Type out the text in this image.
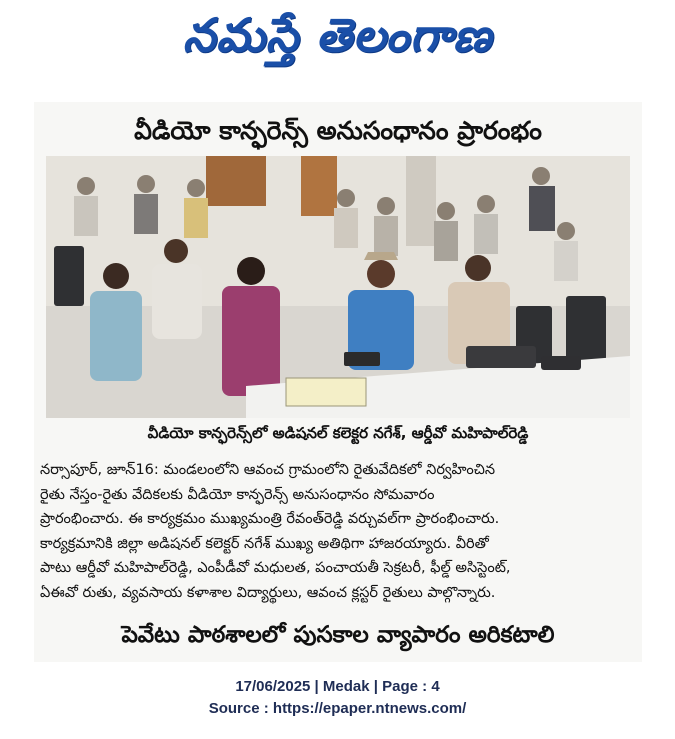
నమస్తే తెలంగాణ
వీడియో కాన్ఫరెన్స్ అనుసంధానం ప్రారంభం
వీడియో కాన్ఫరెన్స్‌లో అడిషనల్ కలెక్టర నగేశ్, ఆర్డీవో మహిపాల్‌రెడ్డి
నర్సాపూర్, జూన్16: మండలంలోని ఆవంచ గ్రామంలోని రైతువేదికలో నిర్వహించిన
రైతు నేస్తం-రైతు వేదికలకు వీడియో కాన్ఫరెన్స్ అనుసంధానం సోమవారం
ప్రారంభించారు. ఈ కార్యక్రమం ముఖ్యమంత్రి రేవంత్‌రెడ్డి వర్చువల్‌గా ప్రారంభించారు.
కార్యక్రమానికి జిల్లా అడిషనల్ కలెక్టర్ నగేశ్ ముఖ్య అతిథిగా హాజరయ్యారు. వీరితో
పాటు ఆర్డీవో మహిపాల్‌రెడ్డి, ఎంపీడీవో మధులత, పంచాయతీ సెక్రటరీ, ఫీల్డ్ అసిస్టెంట్,
ఏఈవో రుతు, వ్యవసాయ కళాశాల విద్యార్థులు, ఆవంచ క్లస్టర్ రైతులు పాల్గొన్నారు.
పెవేటు పాఠశాలలో పుసకాల వ్యాపారం అరికటాలి
17/06/2025 | Medak | Page : 4
Source : https://epaper.ntnews.com/
